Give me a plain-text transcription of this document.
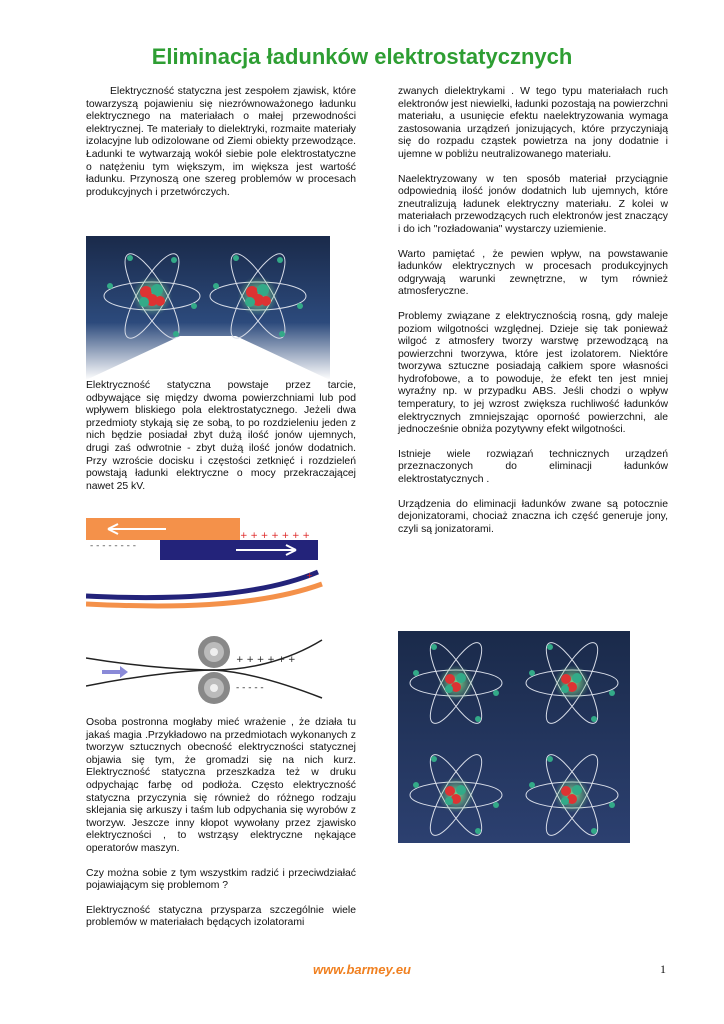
Eliminacja ładunków elektrostatycznych

Elektryczność statyczna jest zespołem zjawisk, które towarzyszą pojawieniu się niezrównoważonego ładunku elektrycznego na materiałach o małej przewodności elektrycznej. Te materiały to dielektryki, rozmaite materiały izolacyjne lub odizolowane od Ziemi obiekty przewodzące. Ładunki te wytwarzają wokół siebie pole elektrostatyczne o natężeniu tym większym, im większa jest wartość ładunku. Przynoszą one szereg problemów w procesach produkcyjnych i przetwórczych.

Elektryczność statyczna powstaje przez tarcie, odbywające się między dwoma powierzchniami lub pod wpływem bliskiego pola elektrostatycznego. Jeżeli dwa przedmioty stykają się ze sobą, to po rozdzieleniu jeden z nich będzie posiadał zbyt dużą ilość jonów ujemnych, drugi zaś odwrotnie - zbyt dużą ilość jonów dodatnich. Przy wzroście docisku i częstości zetknięć i rozdzieleń powstają ładunki elektryczne o mocy przekraczającej nawet 25 kV.

- - - - - - - -
+ + + + + + +
+
+ + + + + +
- - - - -

Osoba postronna mogłaby mieć wrażenie , że działa tu jakaś magia .Przykładowo na przedmiotach wykonanych z tworzyw sztucznych obecność elektryczności statycznej objawia się tym, że gromadzi się na nich kurz. Elektryczność statyczna przeszkadza też w druku odpychając farbę od podłoża. Często elektryczność statyczna przyczynia się również do różnego rodzaju sklejania się arkuszy i taśm lub odpychania się wyrobów z tworzyw. Jeszcze inny kłopot wywołany przez zjawisko elektryczności , to wstrząsy elektryczne nękające operatorów maszyn.

Czy można sobie z tym wszystkim radzić i przeciwdziałać pojawiającym się problemom ?

Elektryczność statyczna przysparza szczególnie wiele problemów w materiałach będących izolatorami

zwanych dielektrykami . W tego typu materiałach ruch elektronów jest niewielki, ładunki pozostają na powierzchni materiału, a usunięcie efektu naelektryzowania wymaga zastosowania urządzeń jonizujących, które przyczyniają się do rozpadu cząstek powietrza na jony dodatnie i ujemne w pobliżu neutralizowanego materiału.

Naelektryzowany w ten sposób materiał przyciągnie odpowiednią ilość jonów dodatnich lub ujemnych, które zneutralizują ładunek elektryczny materiału. Z kolei w materiałach przewodzących ruch elektronów jest znaczący i do ich "rozładowania" wystarczy uziemienie.

Warto pamiętać , że pewien wpływ, na powstawanie ładunków elektrycznych w procesach produkcyjnych odgrywają warunki zewnętrzne, w tym również atmosferyczne.

Problemy związane z elektrycznością rosną, gdy maleje poziom wilgotności względnej. Dzieje się tak ponieważ wilgoć z atmosfery tworzy warstwę przewodzącą na powierzchni tworzywa, które jest izolatorem. Niektóre tworzywa sztuczne posiadają całkiem spore własności hydrofobowe, a to powoduje, że efekt ten jest mniej wyraźny np. w przypadku ABS. Jeśli chodzi o wpływ temperatury, to jej wzrost zwiększa ruchliwość ładunków elektrycznych zmniejszając oporność powierzchni, ale jednocześnie obniża pozytywny efekt wilgotności.

Istnieje wiele rozwiązań technicznych urządzeń przeznaczonych do eliminacji ładunków elektrostatycznych .

Urządzenia do eliminacji ładunków zwane są potocznie dejonizatorami, chociaż znaczna ich część generuje jony, czyli są jonizatorami.

www.barmey.eu	1
